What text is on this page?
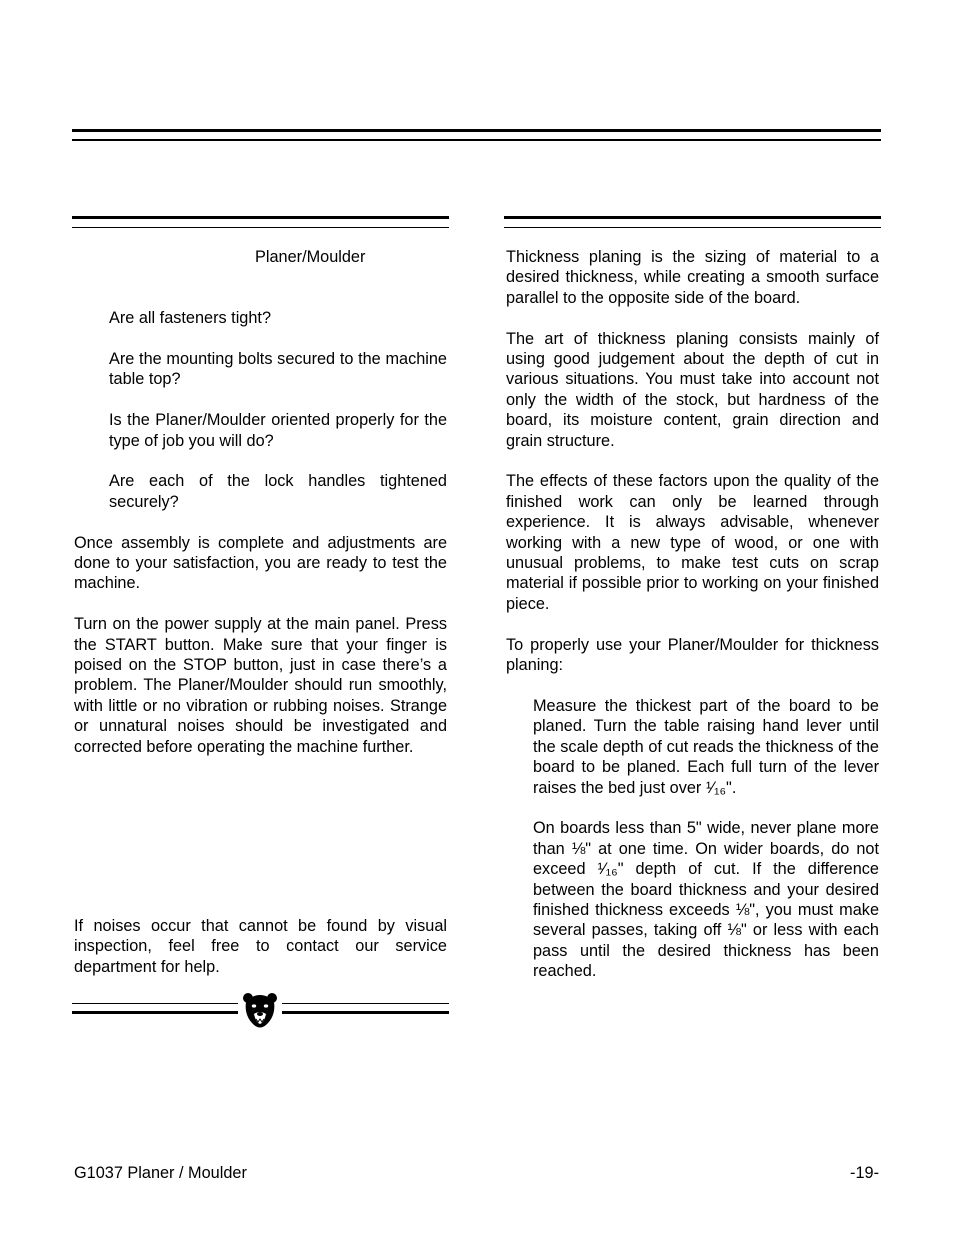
Planer/Moulder

Are all fasteners tight?

Are the mounting bolts secured to the machine table top?

Is the Planer/Moulder oriented properly for the type of job you will do?

Are each of the lock handles tightened securely?

Once assembly is complete and adjustments are done to your satisfaction, you are ready to test the machine.

Turn on the power supply at the main panel. Press the START button. Make sure that your finger is poised on the STOP button, just in case there’s a problem. The Planer/Moulder should run smoothly, with little or no vibration or rubbing noises. Strange or unnatural noises should be investigated and corrected before operating the machine further.

If noises occur that cannot be found by visual inspection, feel free to contact our service department for help.

Thickness planing is the sizing of material to a desired thickness, while creating a smooth surface parallel to the opposite side of the board.

The art of thickness planing consists mainly of using good judgement about the depth of cut in various situations. You must take into account not only the width of the stock, but hardness of the board, its moisture content, grain direction and grain structure.

The effects of these factors upon the quality of the finished work can only be learned through experience. It is always advisable, whenever working with a new type of wood, or one with unusual problems, to make test cuts on scrap material if possible prior to working on your finished piece.

To properly use your Planer/Moulder for thickness planing:

Measure the thickest part of the board to be planed. Turn the table raising hand lever until the scale depth of cut reads the thickness of the board to be planed. Each full turn of the lever raises the bed just over ¹⁄₁₆".

On boards less than 5" wide, never plane more than ⅛" at one time. On wider boards, do not exceed ¹⁄₁₆" depth of cut. If the difference between the board thickness and your desired finished thickness exceeds ⅛", you must make several passes, taking off ⅛" or less with each pass until the desired thickness has been reached.

G1037 Planer / Moulder	-19-
